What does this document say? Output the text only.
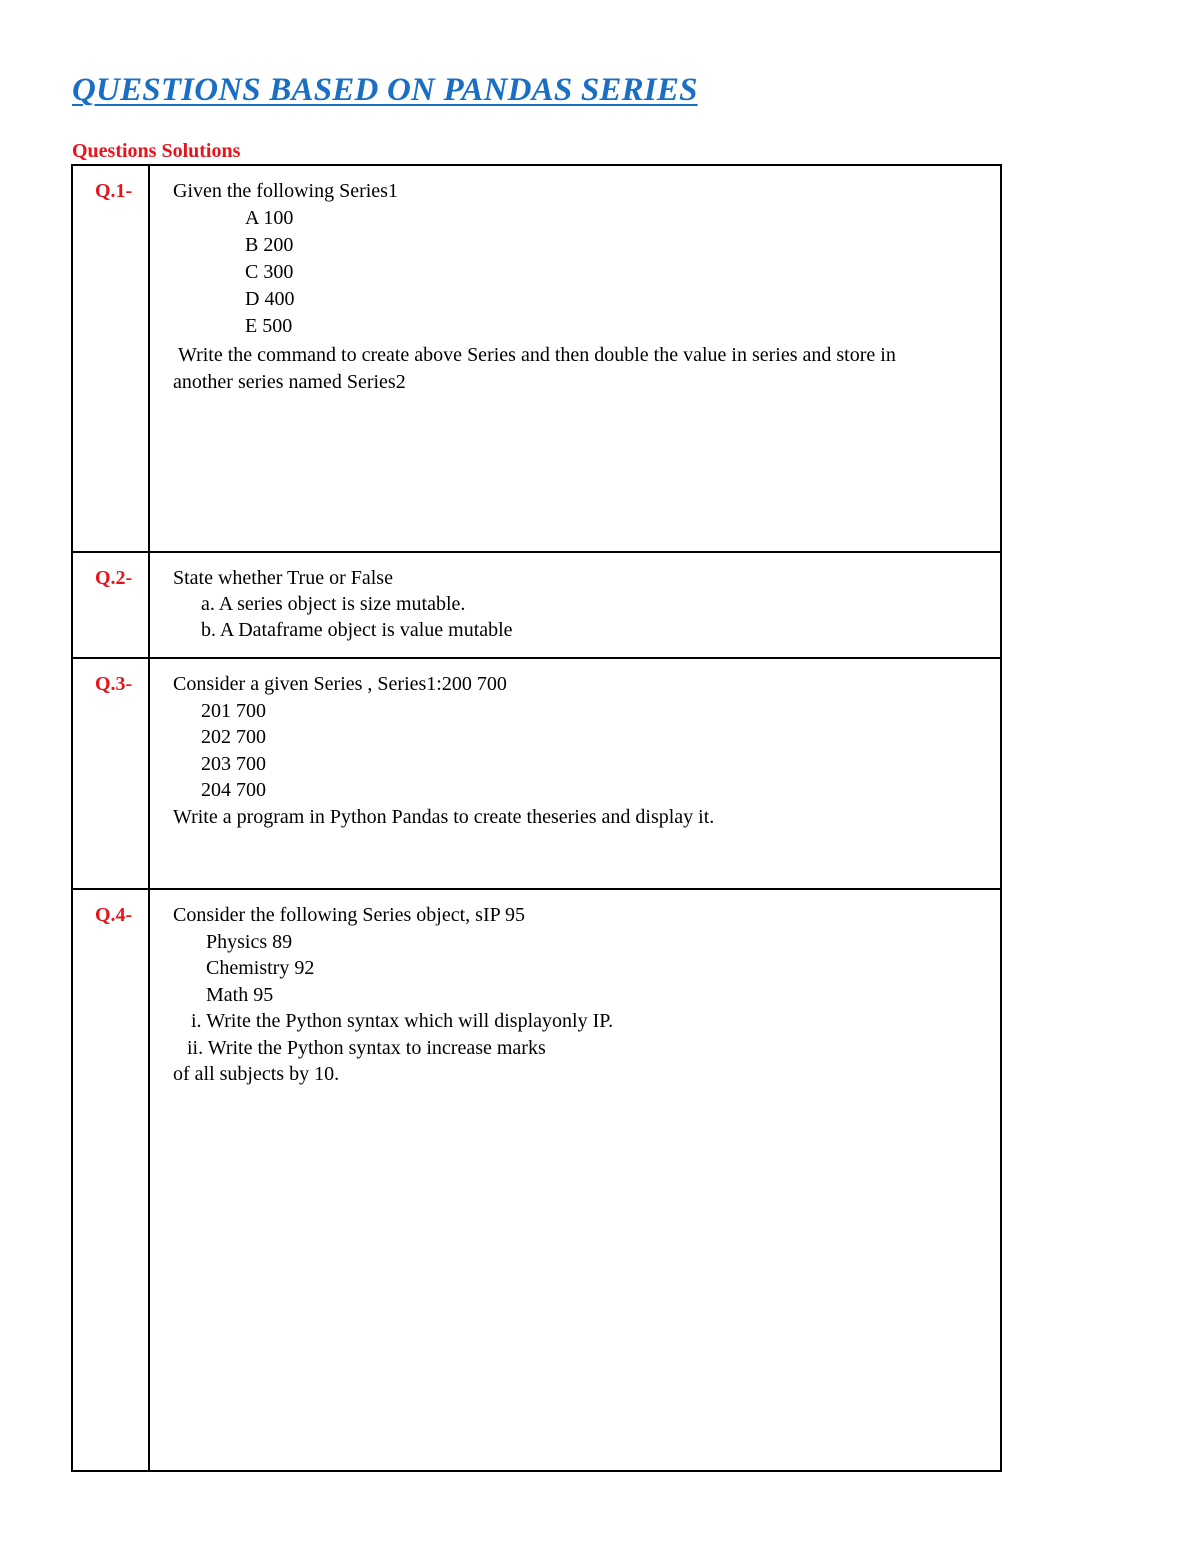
QUESTIONS BASED ON PANDAS SERIES
Questions Solutions
Q.1- Given the following Series1
A 100
B 200
C 300
D 400
E 500
Write the command to create above Series and then double the value in series and store in another series named Series2
Q.2- State whether True or False
a. A series object is size mutable.
b. A Dataframe object is value mutable
Q.3- Consider a given Series , Series1:200 700
201 700
202 700
203 700
204 700
Write a program in Python Pandas to create theseries and display it.
Q.4- Consider the following Series object, sIP 95
Physics 89
Chemistry 92
Math 95
i. Write the Python syntax which will displayonly IP.
ii. Write the Python syntax to increase marks
of all subjects by 10.
